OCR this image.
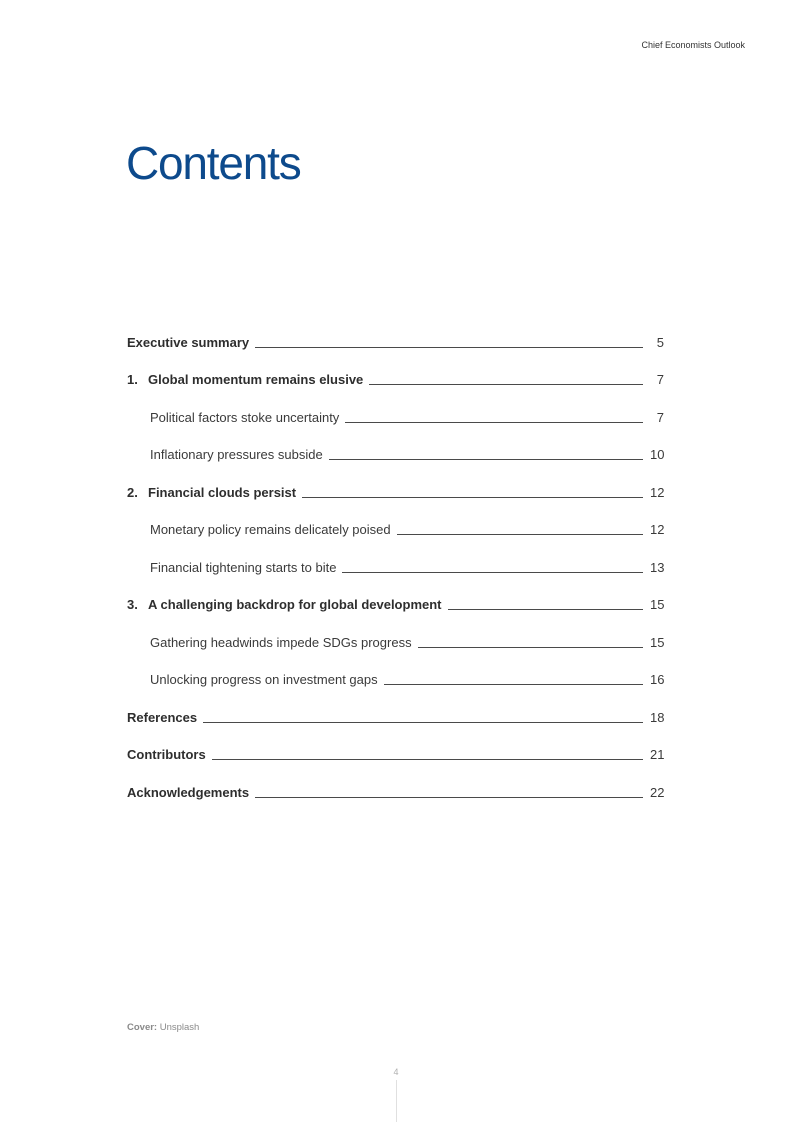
Chief Economists Outlook
Contents
Executive summary	5
1. Global momentum remains elusive	7
Political factors stoke uncertainty	7
Inflationary pressures subside	10
2. Financial clouds persist	12
Monetary policy remains delicately poised	12
Financial tightening starts to bite	13
3. A challenging backdrop for global development	15
Gathering headwinds impede SDGs progress	15
Unlocking progress on investment gaps	16
References	18
Contributors	21
Acknowledgements	22
Cover: Unsplash
4
